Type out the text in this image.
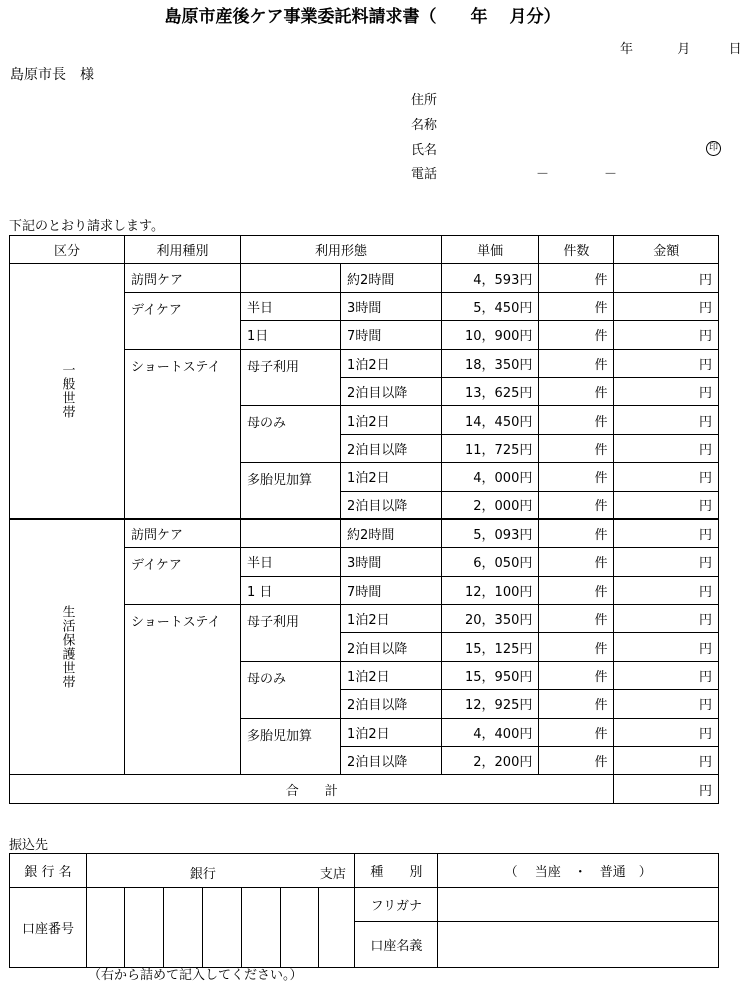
島原市産後ケア事業委託料請求書（ 年 月分）
年	月	日
島原市長　様
住所
名称
氏名	印
電話	－	－
下記のとおり請求します。
区分	利用種別	利用形態		単価	件数	金額
一般世帯	訪問ケア		約2時間	4，593円	件	円
	デイケア	半日	3時間	5，450円	件	円
		1日	7時間	10，900円	件	円
	ショートステイ	母子利用	1泊2日	18，350円	件	円
			2泊目以降	13，625円	件	円
		母のみ	1泊2日	14，450円	件	円
			2泊目以降	11，725円	件	円
		多胎児加算	1泊2日	4，000円	件	円
			2泊目以降	2，000円	件	円
生活保護世帯	訪問ケア		約2時間	5，093円	件	円
	デイケア	半日	3時間	6，050円	件	円
		1 日	7時間	12，100円	件	円
	ショートステイ	母子利用	1泊2日	20，350円	件	円
			2泊目以降	15，125円	件	円
		母のみ	1泊2日	15，950円	件	円
			2泊目以降	12，925円	件	円
		多胎児加算	1泊2日	4，400円	件	円
			2泊目以降	2，200円	件	円
合　　計						円
振込先
銀 行 名	銀行 支店							種　　別	（　 当座　・　普通　）
口座番号								フリガナ	
								口座名義	
（右から詰めて記入してください。）
